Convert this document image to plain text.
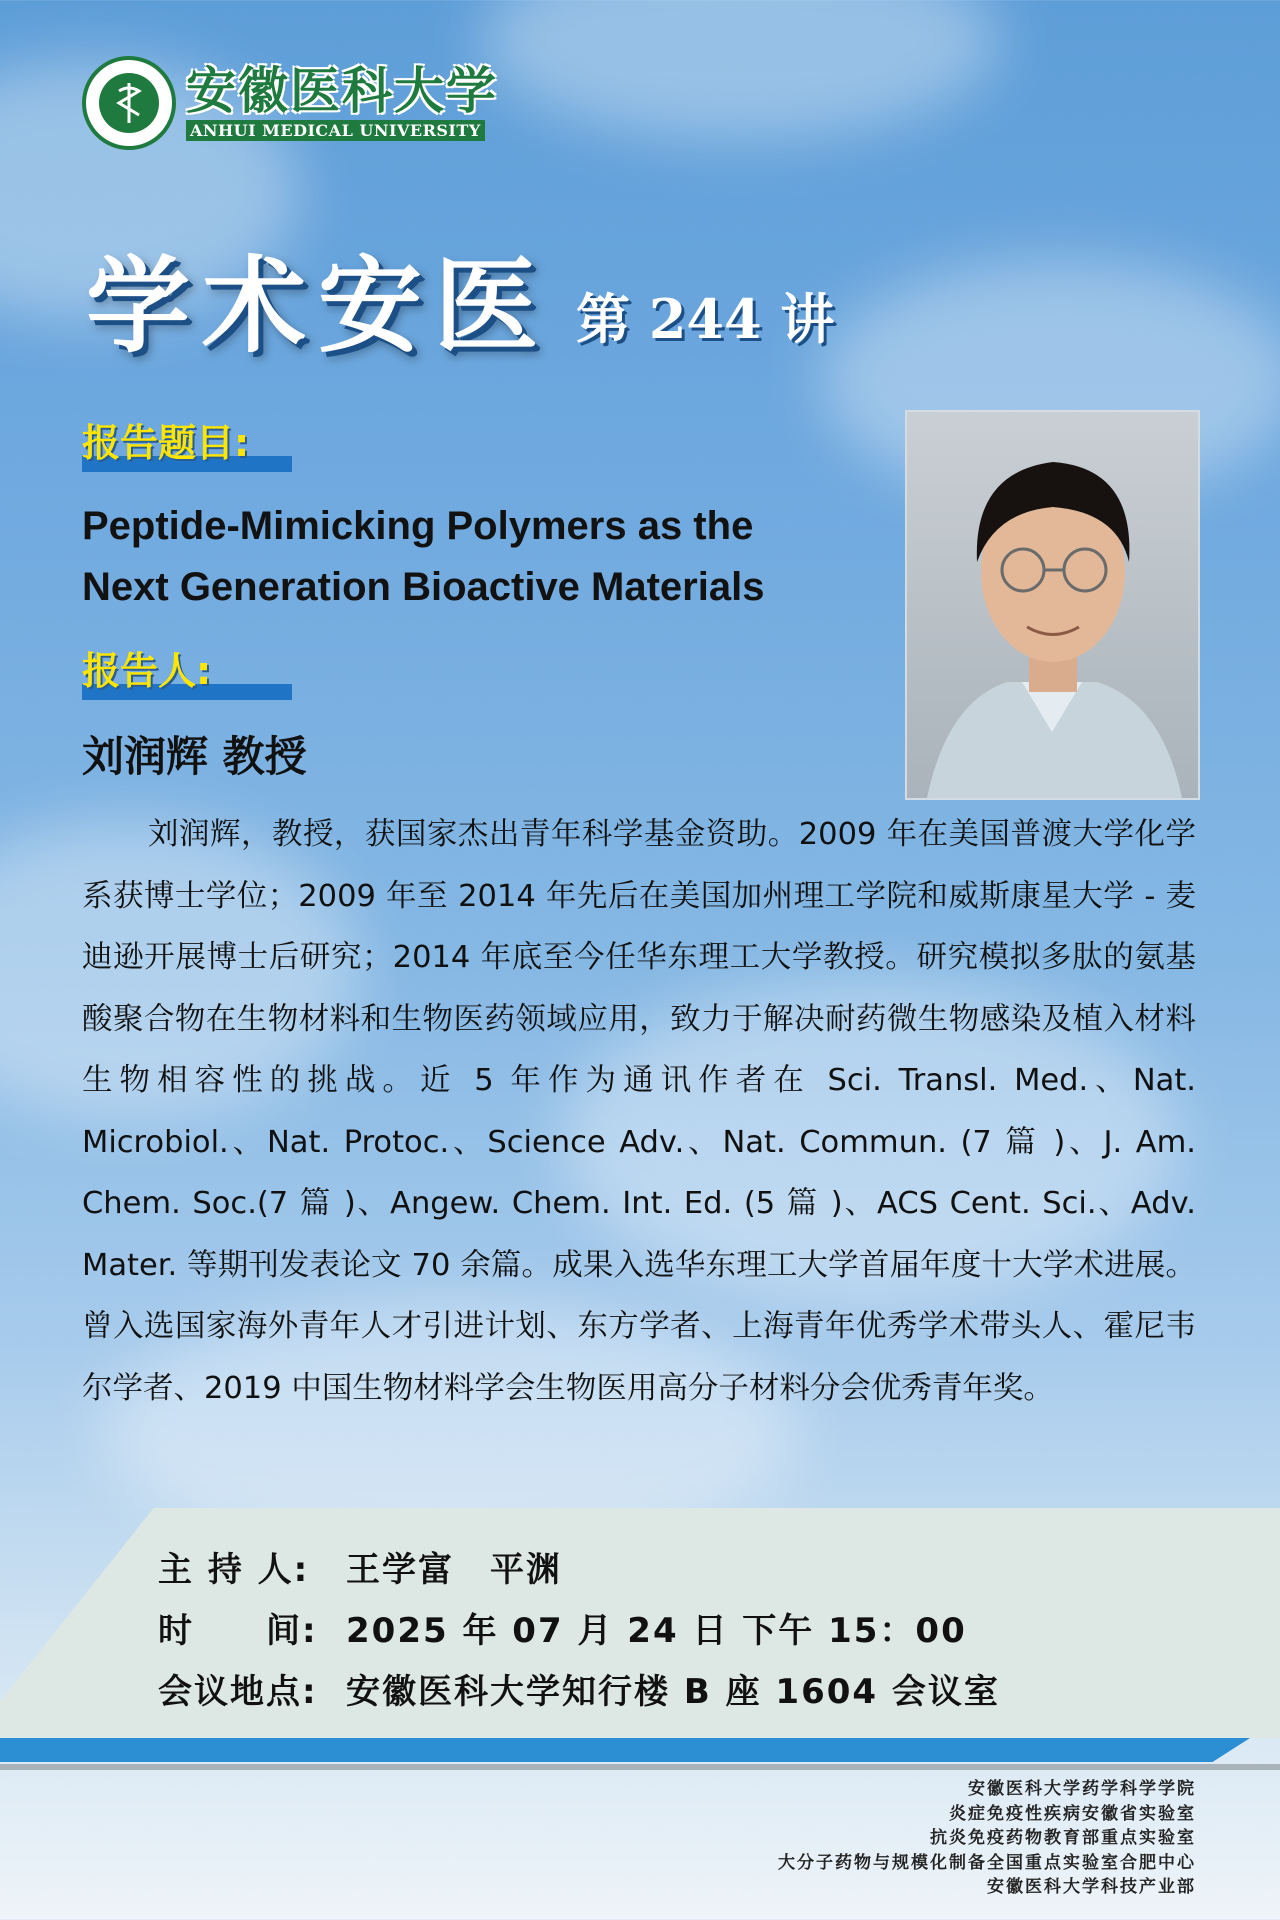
安徽医科大学
ANHUI MEDICAL UNIVERSITY
学术安医 第 244 讲
报告题目:
Peptide-Mimicking Polymers as the
Next Generation Bioactive Materials
报告人:
刘润辉 教授
刘润辉，教授，获国家杰出青年科学基金资助。2009 年在美国普渡大学化学系获博士学位；2009 年至 2014 年先后在美国加州理工学院和威斯康星大学 - 麦迪逊开展博士后研究；2014 年底至今任华东理工大学教授。研究模拟多肽的氨基酸聚合物在生物材料和生物医药领域应用，致力于解决耐药微生物感染及植入材料生物相容性的挑战。近 5 年作为通讯作者在 Sci. Transl. Med.、Nat. Microbiol.、Nat. Protoc.、Science Adv.、Nat. Commun. (7 篇 )、J. Am. Chem. Soc.(7 篇 )、Angew. Chem. Int. Ed. (5 篇 )、ACS Cent. Sci.、Adv. Mater. 等期刊发表论文 70 余篇。成果入选华东理工大学首届年度十大学术进展。曾入选国家海外青年人才引进计划、东方学者、上海青年优秀学术带头人、霍尼韦尔学者、2019 中国生物材料学会生物医用高分子材料分会优秀青年奖。
主 持 人: 王学富　平渊
时　　间: 2025 年 07 月 24 日 下午 15：00
会议地点: 安徽医科大学知行楼 B 座 1604 会议室
安徽医科大学药学科学学院
炎症免疫性疾病安徽省实验室
抗炎免疫药物教育部重点实验室
大分子药物与规模化制备全国重点实验室合肥中心
安徽医科大学科技产业部
